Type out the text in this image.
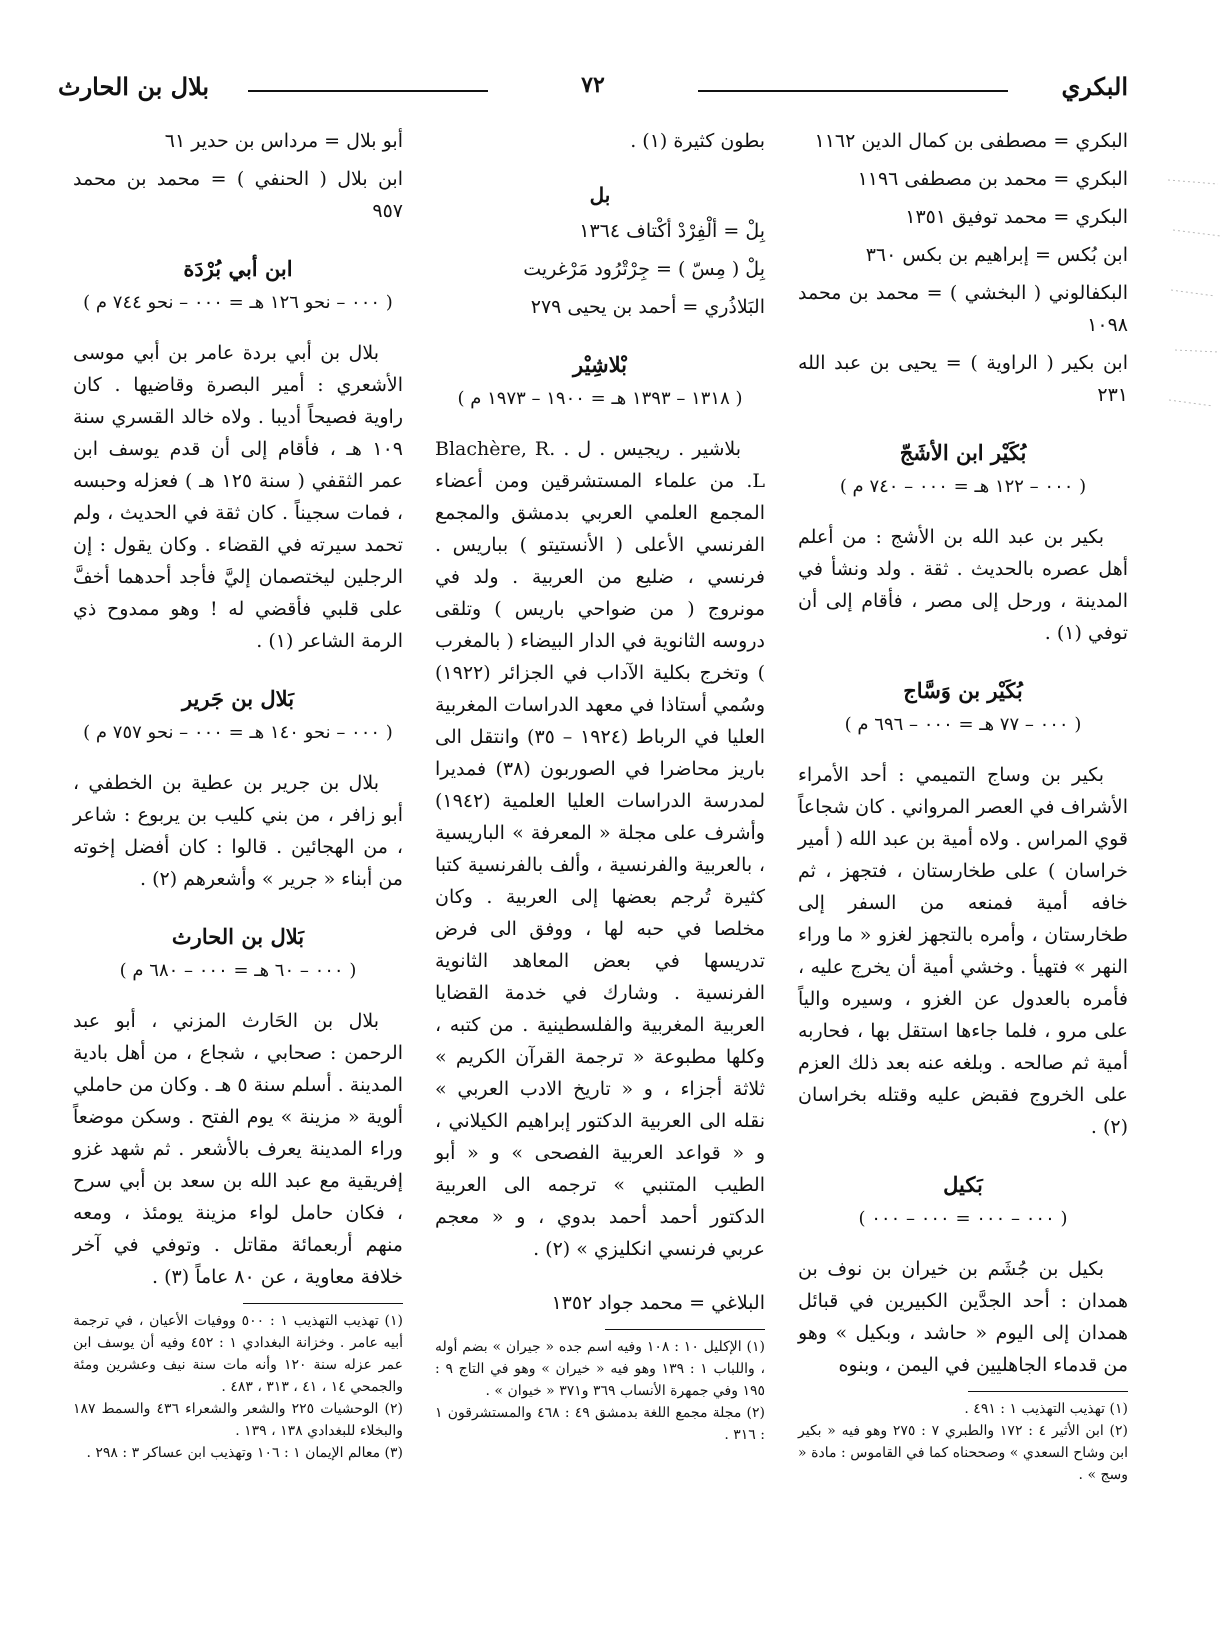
البكري
٧٢
بلال بن الحارث

البكري = مصطفى بن كمال الدين ١١٦٢

البكري = محمد بن مصطفى ١١٩٦

البكري = محمد توفيق ١٣٥١

ابن بُكس = إبراهيم بن بكس ٣٦٠

البكفالوني ( البخشي ) = محمد بن محمد ١٠٩٨

ابن بكير ( الراوية ) = يحيى بن عبد الله ٢٣١

بُكَيْر ابن الأشَجّ
( ٠٠٠ – ١٢٢ هـ = ٠٠٠ – ٧٤٠ م )

بكير بن عبد الله بن الأشج : من أعلم أهل عصره بالحديث . ثقة . ولد ونشأ في المدينة ، ورحل إلى مصر ، فأقام إلى أن توفي (١) .

بُكَيْر بن وَسَّاج
( ٠٠٠ – ٧٧ هـ = ٠٠٠ – ٦٩٦ م )

بكير بن وساج التميمي : أحد الأمراء الأشراف في العصر المرواني . كان شجاعاً قوي المراس . ولاه أمية بن عبد الله ( أمير خراسان ) على طخارستان ، فتجهز ، ثم خافه أمية فمنعه من السفر إلى طخارستان ، وأمره بالتجهز لغزو « ما وراء النهر » فتهيأ . وخشي أمية أن يخرج عليه ، فأمره بالعدول عن الغزو ، وسيره والياً على مرو ، فلما جاءها استقل بها ، فحاربه أمية ثم صالحه . وبلغه عنه بعد ذلك العزم على الخروج فقبض عليه وقتله بخراسان (٢) .

بَكيل
( ٠٠٠ – ٠٠٠ = ٠٠٠ – ٠٠٠ )

بكيل بن جُشَم بن خيران بن نوف بن همدان : أحد الجدَّين الكبيرين في قبائل همدان إلى اليوم « حاشد ، وبكيل » وهو من قدماء الجاهليين في اليمن ، وبنوه

(١) تهذيب التهذيب ١ : ٤٩١ .

(٢) ابن الأثير ٤ : ١٧٢ والطبري ٧ : ٢٧٥ وهو فيه « بكير ابن وشاح السعدي » وصححناه كما في القاموس : مادة « وسج » .

بطون كثيرة (١) .

بل

بِلْ = ألْفِرْدْ أكْتاف ١٣٦٤

بِلْ ( مِسّ ) = جِرْتْرُود مَرْغريت

البَلاذُري = أحمد بن يحيى ٢٧٩

بْلاشِيْر
( ١٣١٨ – ١٣٩٣ هـ = ١٩٠٠ – ١٩٧٣ م )

بلاشير . ريجيس . ل . Blachère, R. L. من علماء المستشرقين ومن أعضاء المجمع العلمي العربي بدمشق والمجمع الفرنسي الأعلى ( الأنستيتو ) بباريس . فرنسي ، ضليع من العربية . ولد في مونروج ( من ضواحي باريس ) وتلقى دروسه الثانوية في الدار البيضاء ( بالمغرب ) وتخرج بكلية الآداب في الجزائر (١٩٢٢) وسُمي أستاذا في معهد الدراسات المغربية العليا في الرباط (١٩٢٤ – ٣٥) وانتقل الى باريز محاضرا في الصوربون (٣٨) فمديرا لمدرسة الدراسات العليا العلمية (١٩٤٢) وأشرف على مجلة « المعرفة » الباريسية ، بالعربية والفرنسية ، وألف بالفرنسية كتبا كثيرة تُرجم بعضها إلى العربية . وكان مخلصا في حبه لها ، ووفق الى فرض تدريسها في بعض المعاهد الثانوية الفرنسية . وشارك في خدمة القضايا العربية المغربية والفلسطينية . من كتبه ، وكلها مطبوعة « ترجمة القرآن الكريم » ثلاثة أجزاء ، و « تاريخ الادب العربي » نقله الى العربية الدكتور إبراهيم الكيلاني ، و « قواعد العربية الفصحى » و « أبو الطيب المتنبي » ترجمه الى العربية الدكتور أحمد أحمد بدوي ، و « معجم عربي فرنسي انكليزي » (٢) .

البلاغي = محمد جواد ١٣٥٢

(١) الإكليل ١٠ : ١٠٨ وفيه اسم جده « جيران » بضم أوله ، واللباب ١ : ١٣٩ وهو فيه « خيران » وهو في التاج ٩ : ١٩٥ وفي جمهرة الأنساب ٣٦٩ و٣٧١ « خيوان » .

(٢) مجلة مجمع اللغة بدمشق ٤٩ : ٤٦٨ والمستشرقون ١ : ٣١٦ .

أبو بلال = مرداس بن حدير ٦١

ابن بلال ( الحنفي ) = محمد بن محمد ٩٥٧

ابن أبي بُرْدَة
( ٠٠٠ – نحو ١٢٦ هـ = ٠٠٠ – نحو ٧٤٤ م )

بلال بن أبي بردة عامر بن أبي موسى الأشعري : أمير البصرة وقاضيها . كان راوية فصيحاً أديبا . ولاه خالد القسري سنة ١٠٩ هـ ، فأقام إلى أن قدم يوسف ابن عمر الثقفي ( سنة ١٢٥ هـ ) فعزله وحبسه ، فمات سجيناً . كان ثقة في الحديث ، ولم تحمد سيرته في القضاء . وكان يقول : إن الرجلين ليختصمان إليَّ فأجد أحدهما أخفَّ على قلبي فأقضي له ! وهو ممدوح ذي الرمة الشاعر (١) .

بَلال بن جَرير
( ٠٠٠ – نحو ١٤٠ هـ = ٠٠٠ – نحو ٧٥٧ م )

بلال بن جرير بن عطية بن الخطفي ، أبو زافر ، من بني كليب بن يربوع : شاعر ، من الهجائين . قالوا : كان أفضل إخوته من أبناء « جرير » وأشعرهم (٢) .

بَلال بن الحارث
( ٠٠٠ – ٦٠ هـ = ٠٠٠ – ٦٨٠ م )

بلال بن الحَارث المزني ، أبو عبد الرحمن : صحابي ، شجاع ، من أهل بادية المدينة . أسلم سنة ٥ هـ . وكان من حاملي ألوية « مزينة » يوم الفتح . وسكن موضعاً وراء المدينة يعرف بالأشعر . ثم شهد غزو إفريقية مع عبد الله بن سعد بن أبي سرح ، فكان حامل لواء مزينة يومئذ ، ومعه منهم أربعمائة مقاتل . وتوفي في آخر خلافة معاوية ، عن ٨٠ عاماً (٣) .

(١) تهذيب التهذيب ١ : ٥٠٠ ووفيات الأعيان ، في ترجمة أبيه عامر . وخزانة البغدادي ١ : ٤٥٢ وفيه أن يوسف ابن عمر عزله سنة ١٢٠ وأنه مات سنة نيف وعشرين ومئة والجمحي ١٤ ، ٤١ ، ٣١٣ ، ٤٨٣ .

(٢) الوحشيات ٢٢٥ والشعر والشعراء ٤٣٦ والسمط ١٨٧ والبخلاء للبغدادي ١٣٨ ، ١٣٩ .

(٣) معالم الإيمان ١ : ١٠٦ وتهذيب ابن عساكر ٣ : ٢٩٨ .
